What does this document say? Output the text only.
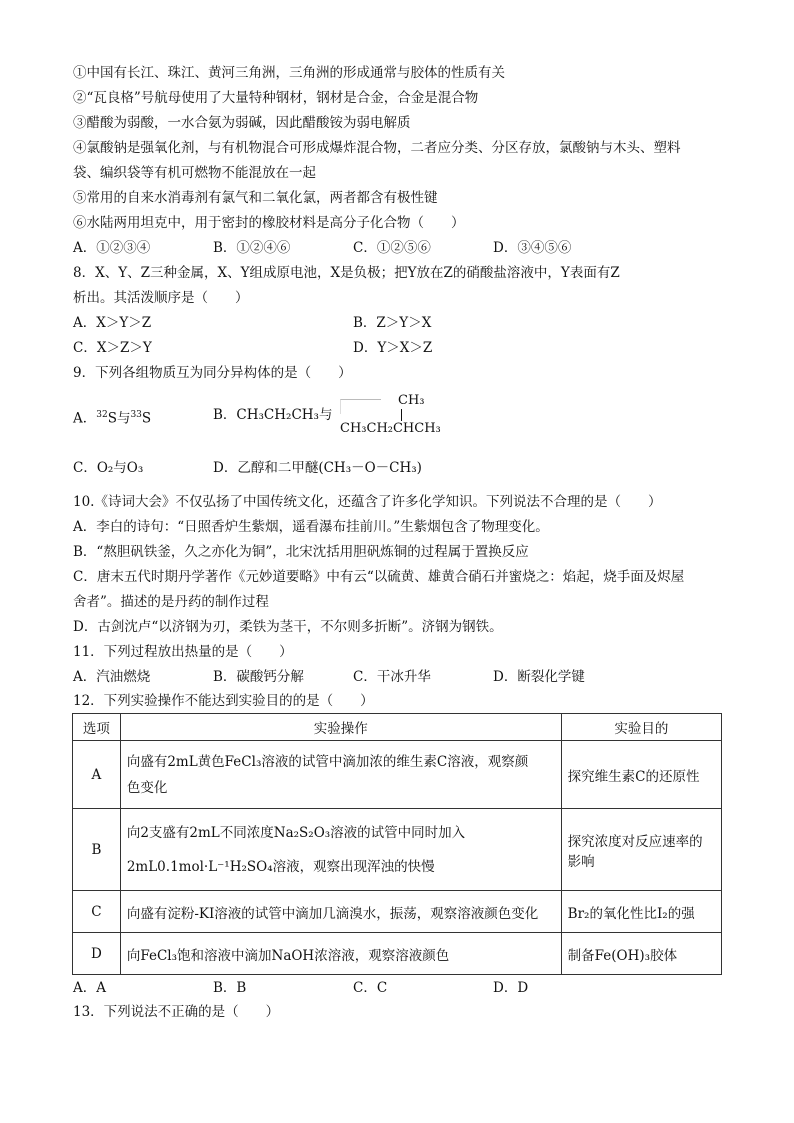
①中国有长江、珠江、黄河三角洲，三角洲的形成通常与胶体的性质有关
②“瓦良格”号航母使用了大量特种钢材，钢材是合金，合金是混合物
③醋酸为弱酸，一水合氨为弱碱，因此醋酸铵为弱电解质
④氯酸钠是强氧化剂，与有机物混合可形成爆炸混合物，二者应分类、分区存放，氯酸钠与木头、塑料
袋、编织袋等有机可燃物不能混放在一起
⑤常用的自来水消毒剂有氯气和二氧化氯，两者都含有极性键
⑥水陆两用坦克中，用于密封的橡胶材料是高分子化合物（　　）
A．①②③④	B．①②④⑥	C．①②⑤⑥	D．③④⑤⑥
8．X、Y、Z三种金属，X、Y组成原电池，X是负极；把Y放在Z的硝酸盐溶液中，Y表面有Z
析出。其活泼顺序是（　　）
A．X＞Y＞Z	B．Z＞Y＞X
C．X＞Z＞Y	D．Y＞X＞Z
9．下列各组物质互为同分异构体的是（　　）
A．$^{32}$S与$^{33}$S	B．CH₃CH₂CH₃与
CH₃
CH₃CH₂CHCH₃
C．O₂与O₃	D．乙醇和二甲醚(CH₃－O－CH₃)
10.《诗词大会》不仅弘扬了中国传统文化，还蕴含了许多化学知识。下列说法不合理的是（　　）
A．李白的诗句：“日照香炉生紫烟，遥看瀑布挂前川。”生紫烟包含了物理变化。
B．“熬胆矾铁釜，久之亦化为铜”，北宋沈括用胆矾炼铜的过程属于置换反应
C．唐末五代时期丹学著作《元妙道要略》中有云“以硫黄、雄黄合硝石并蜜烧之：焰起，烧手面及烬屋
舍者”。描述的是丹药的制作过程
D．古剑沈卢“以济钢为刃，柔铁为茎干，不尔则多折断”。济钢为钢铁。
11．下列过程放出热量的是（　　）
A．汽油燃烧	B．碳酸钙分解	C．干冰升华	D．断裂化学键
12．下列实验操作不能达到实验目的的是（　　）
选项	实验操作	实验目的
A	向盛有2mL黄色FeCl₃溶液的试管中滴加浓的维生素C溶液，观察颜
色变化	探究维生素C的还原性
B	向2支盛有2mL不同浓度Na₂S₂O₃溶液的试管中同时加入
2mL0.1mol·L⁻¹H₂SO₄溶液，观察出现浑浊的快慢	探究浓度对反应速率的影响
C	向盛有淀粉-KI溶液的试管中滴加几滴溴水，振荡，观察溶液颜色变化	Br₂的氧化性比I₂的强
D	向FeCl₃饱和溶液中滴加NaOH浓溶液，观察溶液颜色	制备Fe(OH)₃胶体
A．A	B．B	C．C	D．D
13．下列说法不正确的是（　　）
